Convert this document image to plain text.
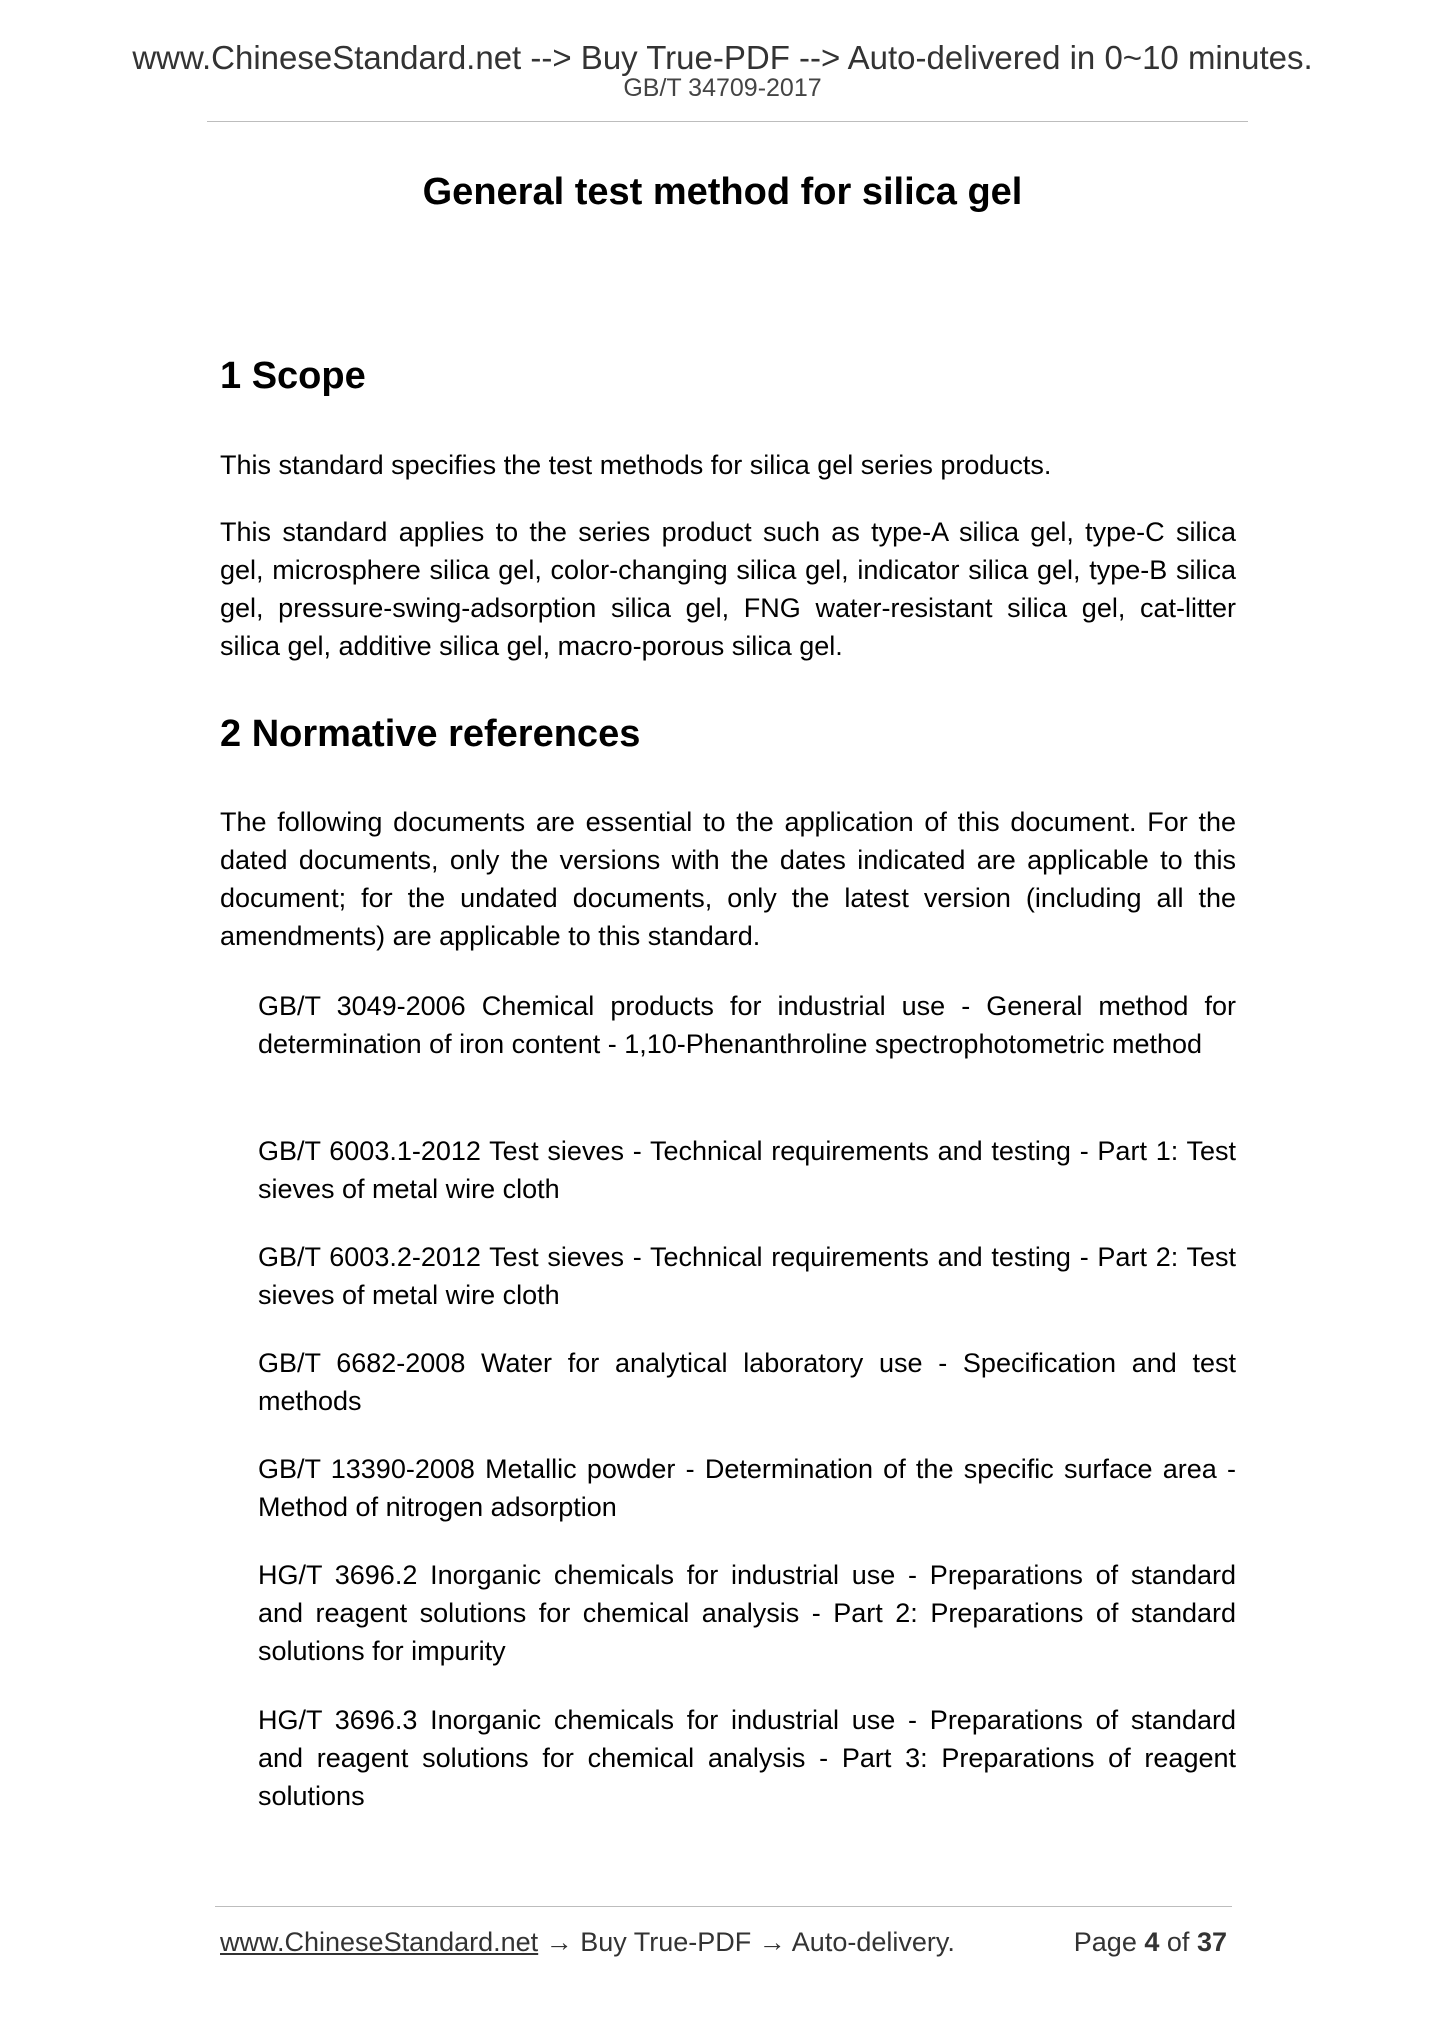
www.ChineseStandard.net --> Buy True-PDF --> Auto-delivered in 0~10 minutes.
GB/T 34709-2017
General test method for silica gel
1 Scope

This standard specifies the test methods for silica gel series products.

This standard applies to the series product such as type-A silica gel, type-C silica gel, microsphere silica gel, color-changing silica gel, indicator silica gel, type-B silica gel, pressure-swing-adsorption silica gel, FNG water-resistant silica gel, cat-litter silica gel, additive silica gel, macro-porous silica gel.

2 Normative references

The following documents are essential to the application of this document. For the dated documents, only the versions with the dates indicated are applicable to this document; for the undated documents, only the latest version (including all the amendments) are applicable to this standard.

GB/T 3049-2006 Chemical products for industrial use - General method for determination of iron content - 1,10-Phenanthroline spectrophotometric method

GB/T 6003.1-2012 Test sieves - Technical requirements and testing - Part 1: Test sieves of metal wire cloth

GB/T 6003.2-2012 Test sieves - Technical requirements and testing - Part 2: Test sieves of metal wire cloth

GB/T 6682-2008 Water for analytical laboratory use - Specification and test methods

GB/T 13390-2008 Metallic powder - Determination of the specific surface area - Method of nitrogen adsorption

HG/T 3696.2 Inorganic chemicals for industrial use - Preparations of standard and reagent solutions for chemical analysis - Part 2: Preparations of standard solutions for impurity

HG/T 3696.3 Inorganic chemicals for industrial use - Preparations of standard and reagent solutions for chemical analysis - Part 3: Preparations of reagent solutions

www.ChineseStandard.net → Buy True-PDF → Auto-delivery.	Page 4 of 37
